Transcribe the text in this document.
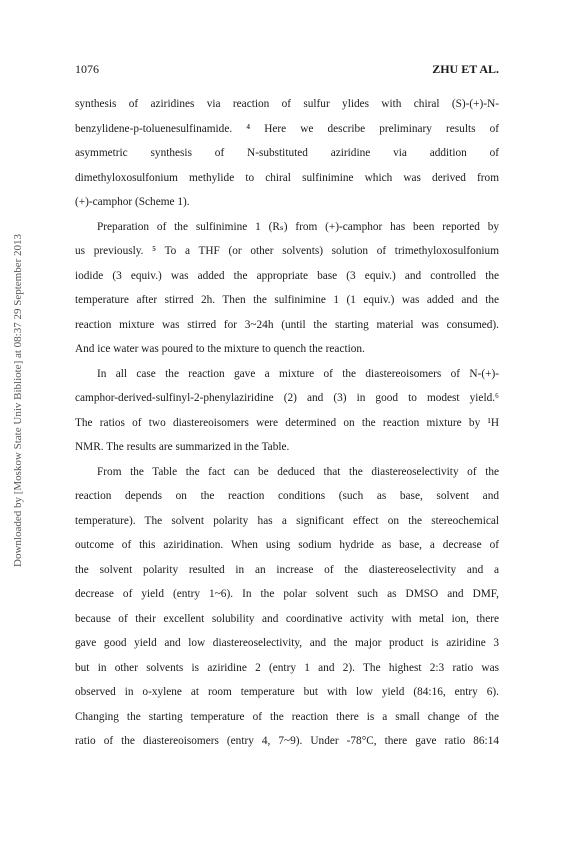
1076	ZHU ET AL.
Downloaded by [Moskow State Univ Bibliote] at 08:37 29 September 2013
synthesis of aziridines via reaction of sulfur ylides with chiral (S)-(+)-N-
benzylidene-p-toluenesulfinamide. ⁴ Here we describe preliminary results of
asymmetric synthesis of N-substituted aziridine via addition of
dimethyloxosulfonium methylide to chiral sulfinimine which was derived from
(+)-camphor (Scheme 1).
Preparation of the sulfinimine 1 (Rₛ) from (+)-camphor has been reported by
us previously. ⁵ To a THF (or other solvents) solution of trimethyloxosulfonium
iodide (3 equiv.) was added the appropriate base (3 equiv.) and controlled the
temperature after stirred 2h. Then the sulfinimine 1 (1 equiv.) was added and the
reaction mixture was stirred for 3~24h (until the starting material was consumed).
And ice water was poured to the mixture to quench the reaction.
In all case the reaction gave a mixture of the diastereoisomers of N-(+)-
camphor-derived-sulfinyl-2-phenylaziridine (2) and (3) in good to modest yield.⁶
The ratios of two diastereoisomers were determined on the reaction mixture by ¹H
NMR. The results are summarized in the Table.
From the Table the fact can be deduced that the diastereoselectivity of the
reaction depends on the reaction conditions (such as base, solvent and
temperature). The solvent polarity has a significant effect on the stereochemical
outcome of this aziridination. When using sodium hydride as base, a decrease of
the solvent polarity resulted in an increase of the diastereoselectivity and a
decrease of yield (entry 1~6). In the polar solvent such as DMSO and DMF,
because of their excellent solubility and coordinative activity with metal ion, there
gave good yield and low diastereoselectivity, and the major product is aziridine 3
but in other solvents is aziridine 2 (entry 1 and 2). The highest 2:3 ratio was
observed in o-xylene at room temperature but with low yield (84:16, entry 6).
Changing the starting temperature of the reaction there is a small change of the
ratio of the diastereoisomers (entry 4, 7~9). Under -78°C, there gave ratio 86:14
